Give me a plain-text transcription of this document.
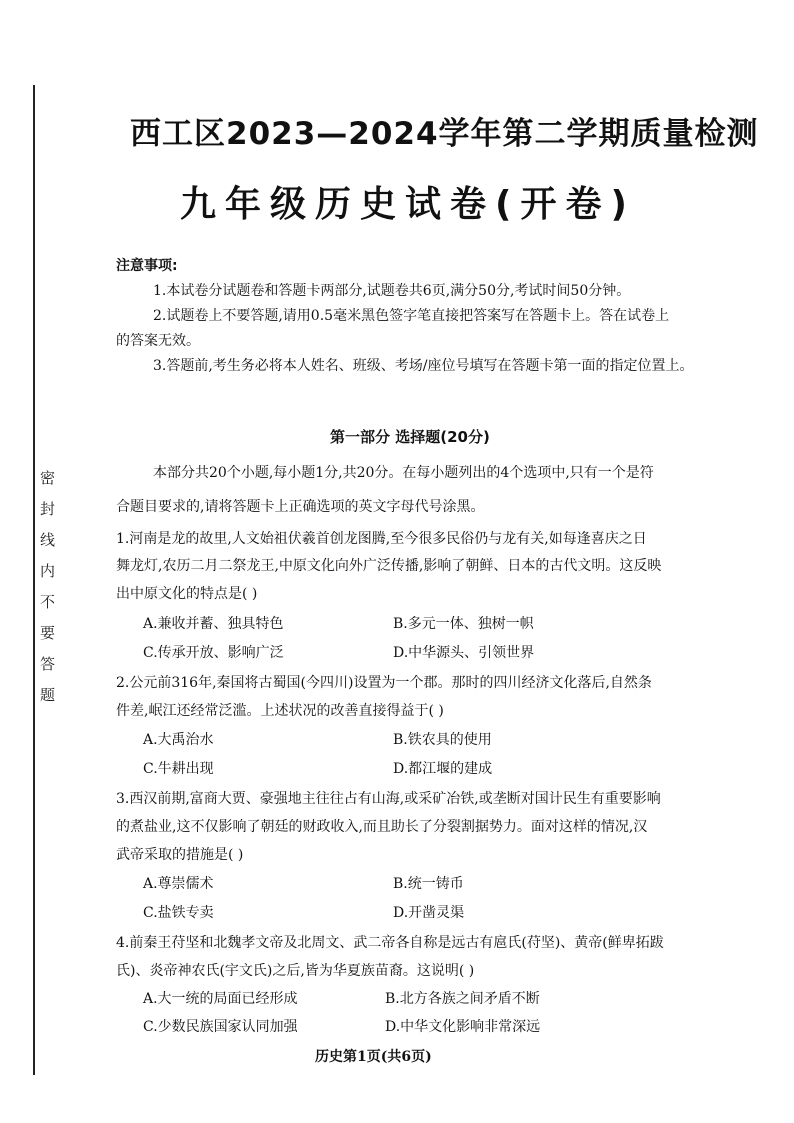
密封线内不要答题
西工区2023—2024学年第二学期质量检测
九年级历史试卷(开卷)
注意事项:
1.本试卷分试题卷和答题卡两部分,试题卷共6页,满分50分,考试时间50分钟。
2.试题卷上不要答题,请用0.5毫米黑色签字笔直接把答案写在答题卡上。答在试卷上
的答案无效。
3.答题前,考生务必将本人姓名、班级、考场/座位号填写在答题卡第一面的指定位置上。
第一部分 选择题(20分)
本部分共20个小题,每小题1分,共20分。在每小题列出的4个选项中,只有一个是符
合题目要求的,请将答题卡上正确选项的英文字母代号涂黑。
1.河南是龙的故里,人文始祖伏羲首创龙图腾,至今很多民俗仍与龙有关,如每逢喜庆之日
舞龙灯,农历二月二祭龙王,中原文化向外广泛传播,影响了朝鲜、日本的古代文明。这反映
出中原文化的特点是( )
A.兼收并蓄、独具特色	B.多元一体、独树一帜
C.传承开放、影响广泛	D.中华源头、引领世界
2.公元前316年,秦国将古蜀国(今四川)设置为一个郡。那时的四川经济文化落后,自然条
件差,岷江还经常泛滥。上述状况的改善直接得益于( )
A.大禹治水	B.铁农具的使用
C.牛耕出现	D.都江堰的建成
3.西汉前期,富商大贾、豪强地主往往占有山海,或采矿冶铁,或垄断对国计民生有重要影响
的煮盐业,这不仅影响了朝廷的财政收入,而且助长了分裂割据势力。面对这样的情况,汉
武帝采取的措施是( )
A.尊崇儒术	B.统一铸币
C.盐铁专卖	D.开凿灵渠
4.前秦王苻坚和北魏孝文帝及北周文、武二帝各自称是远古有扈氏(苻坚)、黄帝(鲜卑拓跋
氏)、炎帝神农氏(宇文氏)之后,皆为华夏族苗裔。这说明( )
A.大一统的局面已经形成	B.北方各族之间矛盾不断
C.少数民族国家认同加强	D.中华文化影响非常深远
历史第1页(共6页)
